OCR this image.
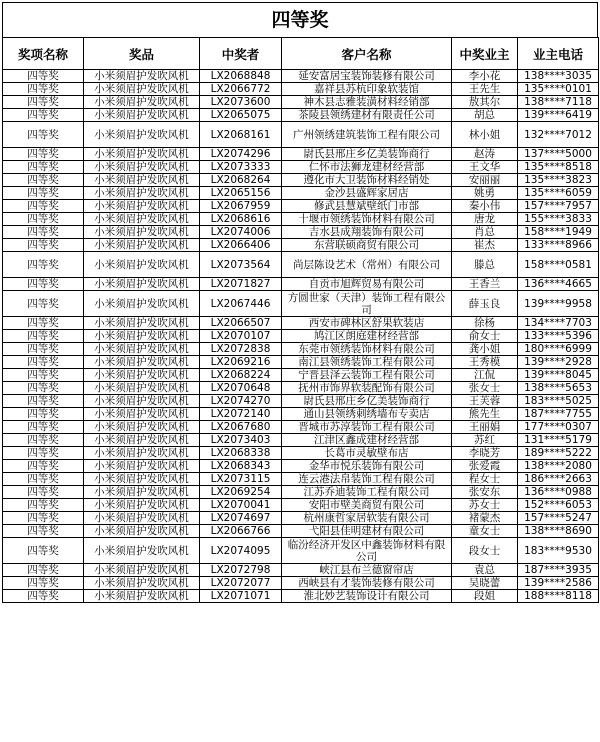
四等奖
奖项名称	奖品	中奖者	客户名称	中奖业主	业主电话
四等奖	小米须眉护发吹风机	LX2068848	延安富居宝装饰装修有限公司	李小花	138****3035
四等奖	小米须眉护发吹风机	LX2066772	嘉祥县苏杭印象软装馆	王先生	135****0101
四等奖	小米须眉护发吹风机	LX2073600	神木县志雅装潢材料经销部	敖其尔	138****7118
四等奖	小米须眉护发吹风机	LX2065075	茶陵县领绣建材有限责任公司	胡总	139****6419
四等奖	小米须眉护发吹风机	LX2068161	广州领绣建筑装饰工程有限公司	林小姐	132****7012
四等奖	小米须眉护发吹风机	LX2074296	尉氏县邢庄乡亿美装饰商行	赵涛	137****5000
四等奖	小米须眉护发吹风机	LX2073333	仁怀市法狮龙建材经营部	王文华	135****8518
四等奖	小米须眉护发吹风机	LX2068264	遵化市大卫装饰材料经销处	安丽丽	135****3823
四等奖	小米须眉护发吹风机	LX2065156	金沙县盛辉家居店	姚勇	135****6059
四等奖	小米须眉护发吹风机	LX2067959	修武县慧斌壁纸门市部	秦小伟	157****7957
四等奖	小米须眉护发吹风机	LX2068616	十堰市领绣装饰材料有限公司	唐龙	155****3833
四等奖	小米须眉护发吹风机	LX2074006	吉水县成翔装饰有限公司	肖总	158****1949
四等奖	小米须眉护发吹风机	LX2066406	东营联硕商贸有限公司	崔杰	133****8966
四等奖	小米须眉护发吹风机	LX2073564	尚层陈设艺术（常州）有限公司	滕总	158****0581
四等奖	小米须眉护发吹风机	LX2071827	自贡市旭辉贸易有限公司	王香兰	136****4665
四等奖	小米须眉护发吹风机	LX2067446	方圆世家（天津）装饰工程有限公司	薛玉良	139****9958
四等奖	小米须眉护发吹风机	LX2066507	西安市碑林区舒果软装店	徐杨	134****7703
四等奖	小米须眉护发吹风机	LX2070107	鸠江区朗庭建材经营部	俞女士	133****5396
四等奖	小米须眉护发吹风机	LX2072838	东莞市领绣装饰材料有限公司	龚小姐	180****6999
四等奖	小米须眉护发吹风机	LX2069216	南江县领绣装饰工程有限公司	王秀模	139****2928
四等奖	小米须眉护发吹风机	LX2068224	宁晋县泽云装饰工程有限公司	江侃	139****8045
四等奖	小米须眉护发吹风机	LX2070648	抚州市饰界软装配饰有限公司	张女士	138****5653
四等奖	小米须眉护发吹风机	LX2074270	尉氏县邢庄乡亿美装饰商行	王芙蓉	183****5025
四等奖	小米须眉护发吹风机	LX2072140	通山县领绣刺绣墙布专卖店	熊先生	187****7755
四等奖	小米须眉护发吹风机	LX2067680	晋城市苏淳装饰工程有限公司	王丽娟	177****0307
四等奖	小米须眉护发吹风机	LX2073403	江津区鑫成建材经营部	苏红	131****5179
四等奖	小米须眉护发吹风机	LX2068338	长葛市灵敏壁布店	李晓芳	189****5222
四等奖	小米须眉护发吹风机	LX2068343	金华市悦乐装饰有限公司	张爱霞	138****2080
四等奖	小米须眉护发吹风机	LX2073115	连云港法帛装饰工程有限公司	程女士	186****2663
四等奖	小米须眉护发吹风机	LX2069254	江苏乔迪装饰工程有限公司	张安东	136****0988
四等奖	小米须眉护发吹风机	LX2070041	安阳市壁美商贸有限公司	苏女士	152****6053
四等奖	小米须眉护发吹风机	LX2074697	杭州康哲家居软装有限公司	褚蒙杰	157****5247
四等奖	小米须眉护发吹风机	LX2066766	弋阳县佳明建材有限公司	童女士	138****8690
四等奖	小米须眉护发吹风机	LX2074095	临汾经济开发区中鑫装饰材料有限公司	段女士	183****9530
四等奖	小米须眉护发吹风机	LX2072798	峡江县布兰德窗帘店	袁总	187****3935
四等奖	小米须眉护发吹风机	LX2072077	西峡县有才装饰装修有限公司	吴晓蕾	139****2586
四等奖	小米须眉护发吹风机	LX2071071	淮北妙艺装饰设计有限公司	段姐	188****8118
